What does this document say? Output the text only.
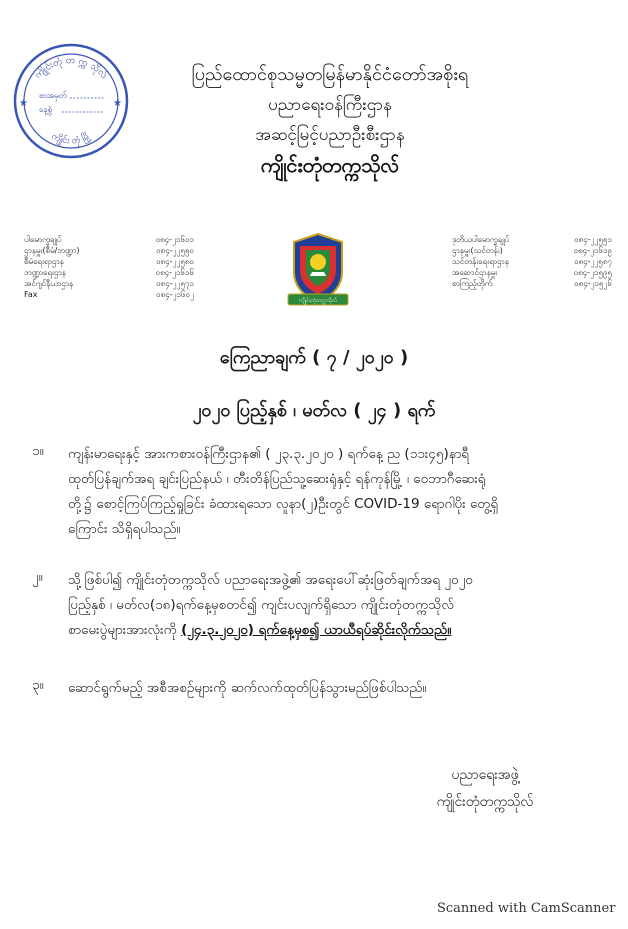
ကျိုင်းတုံ တ က္က သိုလ်
ကျိုင်း တုံ မြို့
စာအမှတ်
နေ့စွဲ
★	★
ပြည်ထောင်စုသမ္မတမြန်မာနိုင်ငံတော်အစိုးရ
ပညာရေးဝန်ကြီးဌာန
အဆင့်မြင့်ပညာဦးစီးဌာန
ကျိုင်းတုံတက္ကသိုလ်
ပါမောက္ခချုပ်	၀၈၄-၂၁၆၀၁
ဌာနမှူး(စီမံ/ဘဏ္ဍာ)	၀၈၄-၂၂၅၅၀
စီမံရေးရာဌာန	၀၈၄-၂၂၅၈၀
ဘဏ္ဍာရေးဌာန	၀၈၄-၂၁၆၁၆
အင်ဂျင်နီယာဌာန	၀၈၄-၂၂၅၇၁
Fax	၀၈၄-၂၁၆၀၂
ကျိုင်းတုံတက္ကသိုလ်
ဒုတိယပါမောက္ခချုပ်	၀၈၄-၂၂၅၅၁
ဌာနမှူး(သင်တန်း)	၀၈၄-၂၁၆၁၉
သင်တန်းရေးရာဌာန	၀၈၄-၂၂၅၈၇
အဆောင်ဌာနမှူး	၀၈၄-၂၁၅၉၅
စာကြည့်တိုက်	၀၈၄-၂၁၅၂၆
ကြေညာချက် ( ၇ / ၂၀၂၀ )
၂၀၂၀ ပြည့်နှစ် ၊ မတ်လ ( ၂၄ ) ရက်
၁။ ကျန်းမာရေးနှင့် အားကစားဝန်ကြီးဌာန၏ ( ၂၃.၃.၂၀၂၀ ) ရက်နေ့ ည (၁၁း၄၅)နာရီ
ထုတ်ပြန်ချက်အရ ချင်းပြည်နယ် ၊ တီးတိန်ပြည်သူ့ဆေးရုံနှင့် ရန်ကုန်မြို့ ၊ ဝေဘာဂီဆေးရုံ
တို့၌ စောင့်ကြပ်ကြည့်ရှုခြင်း ခံထားရသော လူနာ(၂)ဦးတွင် COVID-19 ရောဂါပိုး တွေ့ရှိ
ကြောင်း သိရှိရပါသည်။
၂။ သို့ဖြစ်ပါ၍ ကျိုင်းတုံတက္ကသိုလ် ပညာရေးအဖွဲ့၏ အရေးပေါ်ဆုံးဖြတ်ချက်အရ ၂၀၂၀
ပြည့်နှစ် ၊ မတ်လ(၁၈)ရက်နေ့မှစတင်၍ ကျင်းပလျက်ရှိသော ကျိုင်းတုံတက္ကသိုလ်
စာမေးပွဲများအားလုံးကို (၂၄.၃.၂၀၂၀) ရက်နေ့မှစ၍ ယာယီရပ်ဆိုင်းလိုက်သည်။
၃။ ဆောင်ရွက်မည့် အစီအစဉ်များကို ဆက်လက်ထုတ်ပြန်သွားမည်ဖြစ်ပါသည်။
ပညာရေးအဖွဲ့
ကျိုင်းတုံတက္ကသိုလ်
Scanned with CamScanner
